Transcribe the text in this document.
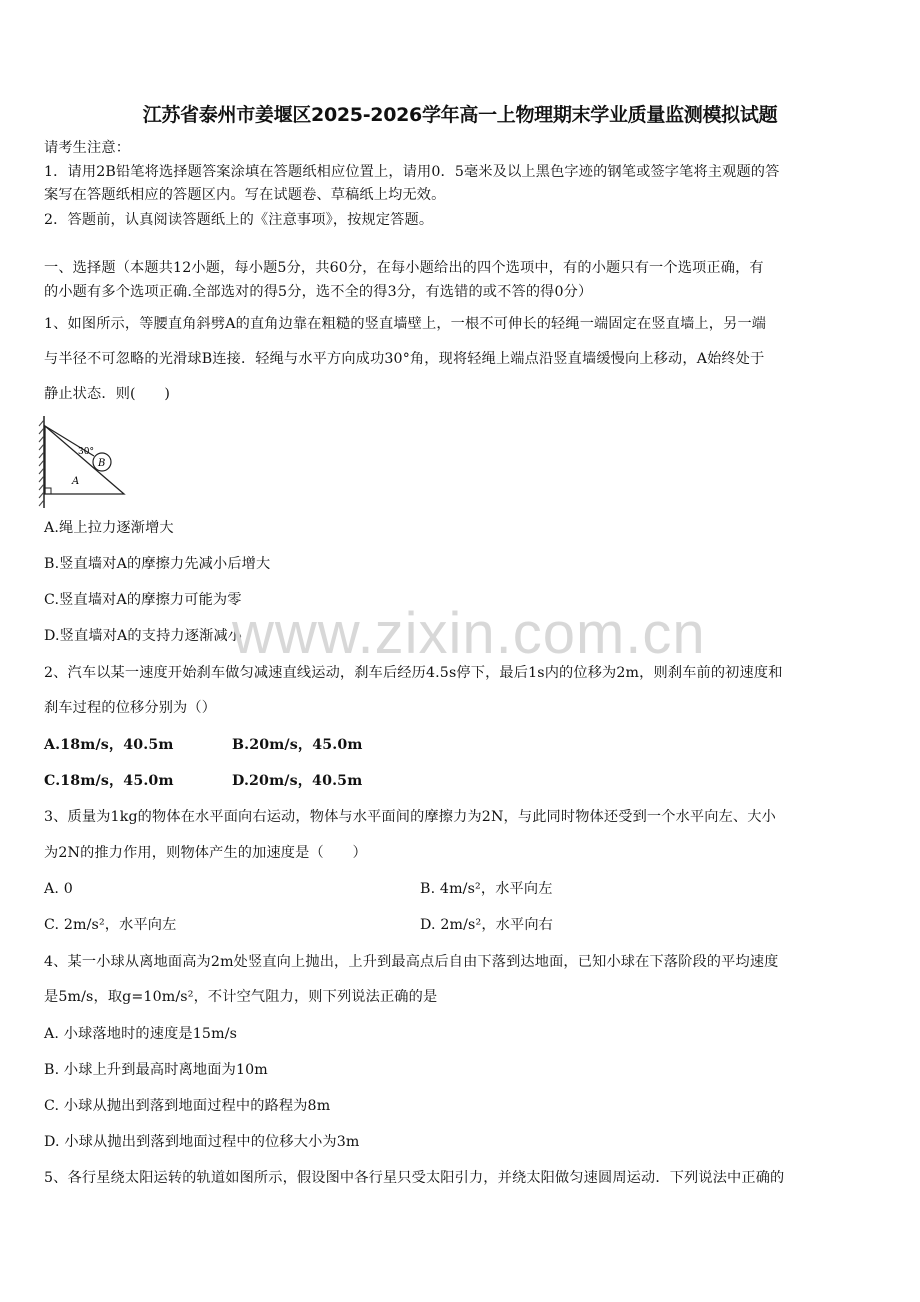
江苏省泰州市姜堰区2025-2026学年高一上物理期末学业质量监测模拟试题
请考生注意：
1．请用2B铅笔将选择题答案涂填在答题纸相应位置上，请用0．5毫米及以上黑色字迹的钢笔或签字笔将主观题的答
案写在答题纸相应的答题区内。写在试题卷、草稿纸上均无效。
2．答题前，认真阅读答题纸上的《注意事项》，按规定答题。
一、选择题（本题共12小题，每小题5分，共60分，在每小题给出的四个选项中，有的小题只有一个选项正确，有
的小题有多个选项正确.全部选对的得5分，选不全的得3分，有选错的或不答的得0分）
1、如图所示，等腰直角斜劈A的直角边靠在粗糙的竖直墙壁上，一根不可伸长的轻绳一端固定在竖直墙上，另一端
与半径不可忽略的光滑球B连接．轻绳与水平方向成功30°角，现将轻绳上端点沿竖直墙缓慢向上移动，A始终处于
静止状态．则(　　)
B
30°
A
A.绳上拉力逐渐增大
B.竖直墙对A的摩擦力先减小后增大
C.竖直墙对A的摩擦力可能为零
D.竖直墙对A的支持力逐渐减小
2、汽车以某一速度开始刹车做匀减速直线运动，刹车后经历4.5s停下，最后1s内的位移为2m，则刹车前的初速度和
刹车过程的位移分别为（）
A.18m/s，40.5m	B.20m/s，45.0m
C.18m/s，45.0m	D.20m/s，40.5m
3、质量为1kg的物体在水平面向右运动，物体与水平面间的摩擦力为2N，与此同时物体还受到一个水平向左、大小
为2N的推力作用，则物体产生的加速度是（　　）
A. 0	B. 4m/s²，水平向左
C. 2m/s²，水平向左	D. 2m/s²，水平向右
4、某一小球从离地面高为2m处竖直向上抛出，上升到最高点后自由下落到达地面，已知小球在下落阶段的平均速度
是5m/s，取g=10m/s²，不计空气阻力，则下列说法正确的是
A. 小球落地时的速度是15m/s
B. 小球上升到最高时离地面为10m
C. 小球从抛出到落到地面过程中的路程为8m
D. 小球从抛出到落到地面过程中的位移大小为3m
5、各行星绕太阳运转的轨道如图所示，假设图中各行星只受太阳引力，并绕太阳做匀速圆周运动．下列说法中正确的
www.zixin.com.cn
